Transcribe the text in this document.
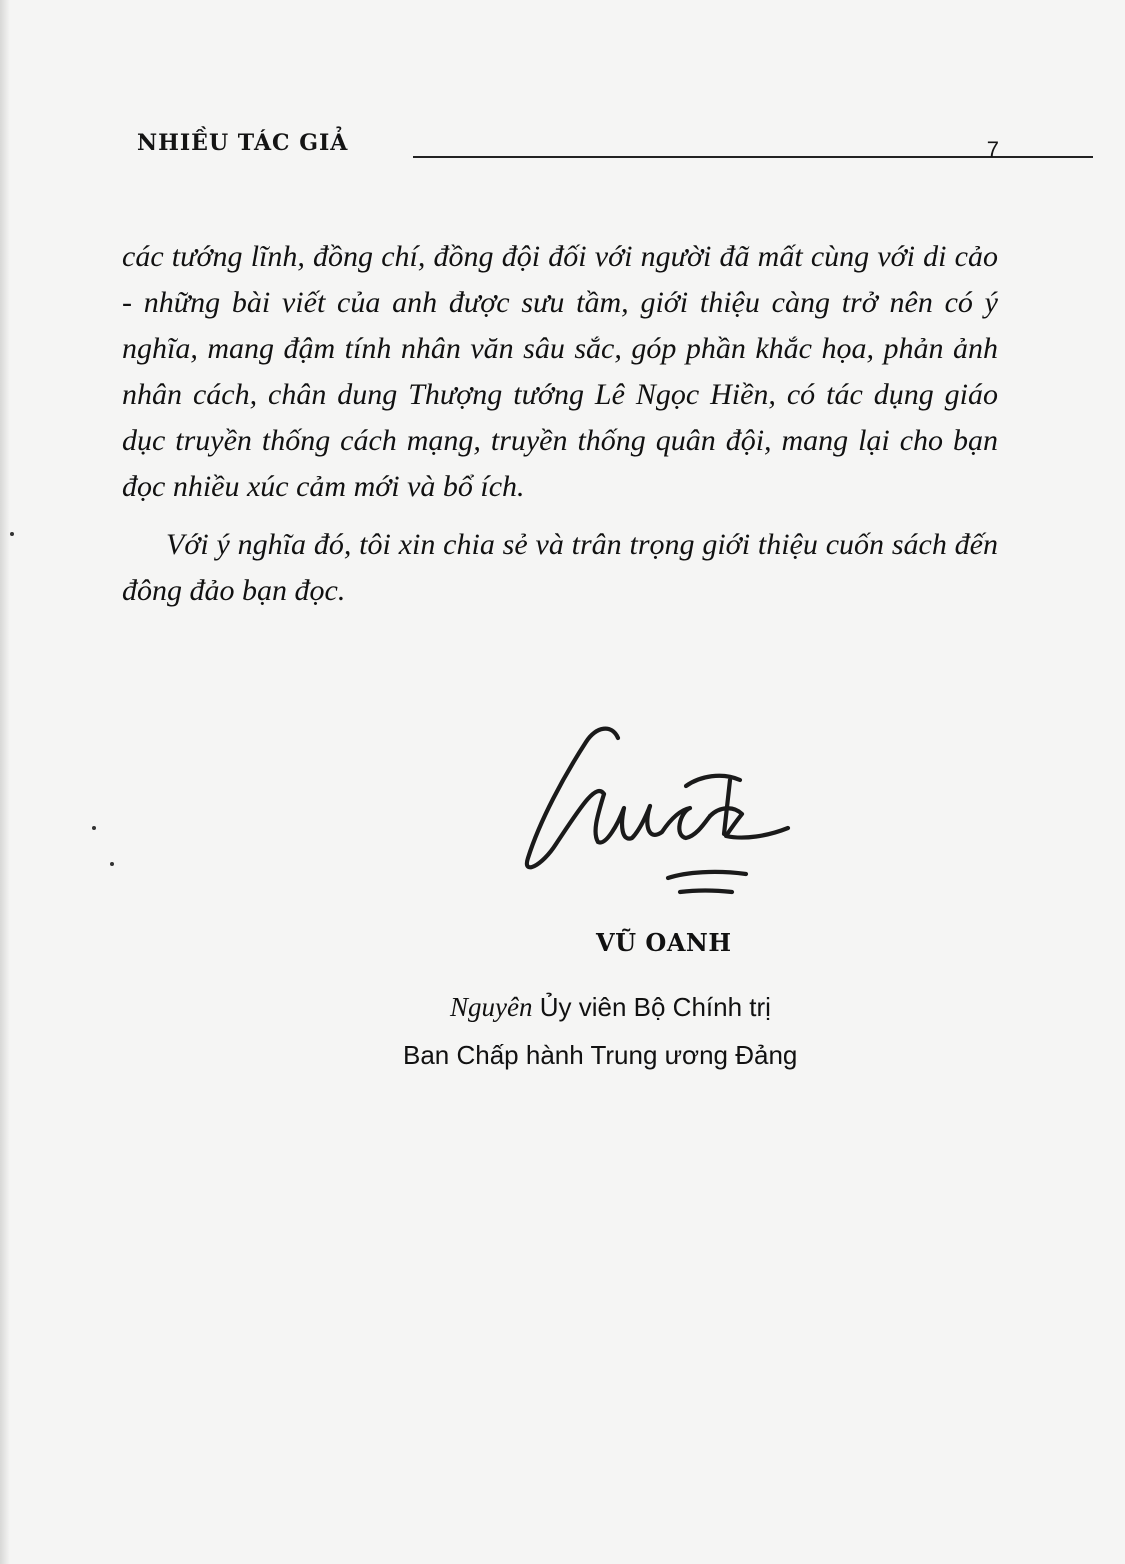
NHIỀU TÁC GIẢ	7

các tướng lĩnh, đồng chí, đồng đội đối với người đã mất cùng với di cảo - những bài viết của anh được sưu tầm, giới thiệu càng trở nên có ý nghĩa, mang đậm tính nhân văn sâu sắc, góp phần khắc họa, phản ảnh nhân cách, chân dung Thượng tướng Lê Ngọc Hiền, có tác dụng giáo dục truyền thống cách mạng, truyền thống quân đội, mang lại cho bạn đọc nhiều xúc cảm mới và bổ ích.

Với ý nghĩa đó, tôi xin chia sẻ và trân trọng giới thiệu cuốn sách đến đông đảo bạn đọc.

VŨ OANH
Nguyên Ủy viên Bộ Chính trị
Ban Chấp hành Trung ương Đảng
